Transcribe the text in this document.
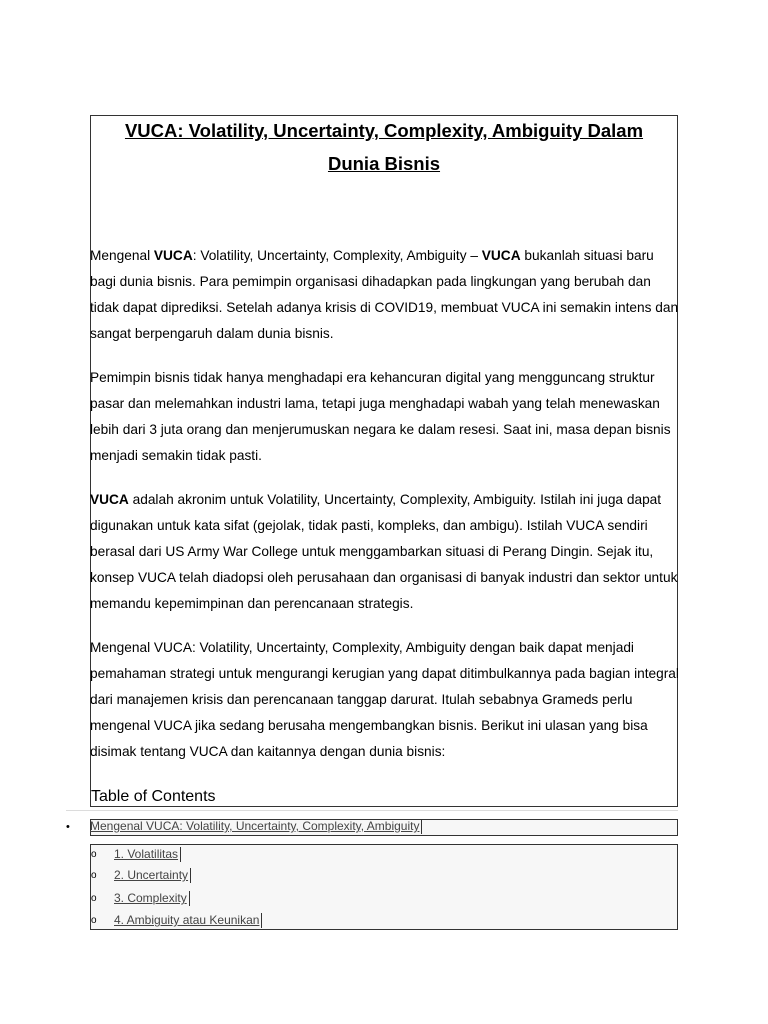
VUCA: Volatility, Uncertainty, Complexity, Ambiguity Dalam
Dunia Bisnis

Mengenal VUCA: Volatility, Uncertainty, Complexity, Ambiguity – VUCA bukanlah situasi baru bagi dunia bisnis. Para pemimpin organisasi dihadapkan pada lingkungan yang berubah dan tidak dapat diprediksi. Setelah adanya krisis di COVID19, membuat VUCA ini semakin intens dan sangat berpengaruh dalam dunia bisnis.

Pemimpin bisnis tidak hanya menghadapi era kehancuran digital yang mengguncang struktur pasar dan melemahkan industri lama, tetapi juga menghadapi wabah yang telah menewaskan lebih dari 3 juta orang dan menjerumuskan negara ke dalam resesi. Saat ini, masa depan bisnis menjadi semakin tidak pasti.

VUCA adalah akronim untuk Volatility, Uncertainty, Complexity, Ambiguity. Istilah ini juga dapat digunakan untuk kata sifat (gejolak, tidak pasti, kompleks, dan ambigu). Istilah VUCA sendiri berasal dari US Army War College untuk menggambarkan situasi di Perang Dingin. Sejak itu, konsep VUCA telah diadopsi oleh perusahaan dan organisasi di banyak industri dan sektor untuk memandu kepemimpinan dan perencanaan strategis.

Mengenal VUCA: Volatility, Uncertainty, Complexity, Ambiguity dengan baik dapat menjadi pemahaman strategi untuk mengurangi kerugian yang dapat ditimbulkannya pada bagian integral dari manajemen krisis dan perencanaan tanggap darurat. Itulah sebabnya Grameds perlu mengenal VUCA jika sedang berusaha mengembangkan bisnis. Berikut ini ulasan yang bisa disimak tentang VUCA dan kaitannya dengan dunia bisnis:

Table of Contents
• Mengenal VUCA: Volatility, Uncertainty, Complexity, Ambiguity
o 1. Volatilitas
o 2. Uncertainty
o 3. Complexity
o 4. Ambiguity atau Keunikan
